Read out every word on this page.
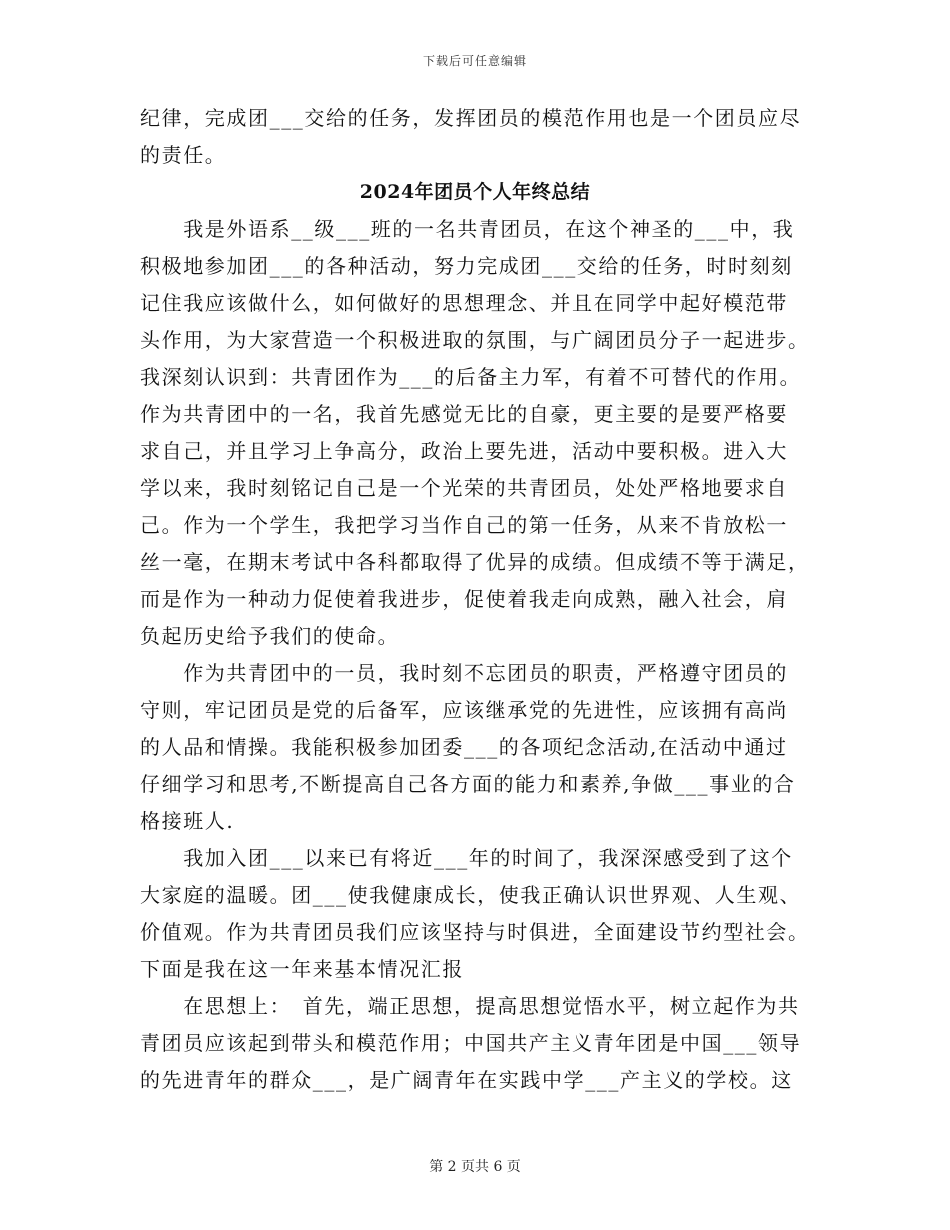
下载后可任意编辑
纪律，完成团___交给的任务，发挥团员的模范作用也是一个团员应尽
的责任。
2024年团员个人年终总结
　　我是外语系__级___班的一名共青团员，在这个神圣的___中，我
积极地参加团___的各种活动，努力完成团___交给的任务，时时刻刻
记住我应该做什么，如何做好的思想理念、并且在同学中起好模范带
头作用，为大家营造一个积极进取的氛围，与广阔团员分子一起进步。
我深刻认识到：共青团作为___的后备主力军，有着不可替代的作用。
作为共青团中的一名，我首先感觉无比的自豪，更主要的是要严格要
求自己，并且学习上争高分，政治上要先进，活动中要积极。进入大
学以来，我时刻铭记自己是一个光荣的共青团员，处处严格地要求自
己。作为一个学生，我把学习当作自己的第一任务，从来不肯放松一
丝一毫，在期末考试中各科都取得了优异的成绩。但成绩不等于满足，
而是作为一种动力促使着我进步，促使着我走向成熟，融入社会，肩
负起历史给予我们的使命。
　　作为共青团中的一员，我时刻不忘团员的职责，严格遵守团员的
守则，牢记团员是党的后备军，应该继承党的先进性，应该拥有高尚
的人品和情操。我能积极参加团委___的各项纪念活动,在活动中通过
仔细学习和思考,不断提高自己各方面的能力和素养,争做___事业的合
格接班人.
　　我加入团___以来已有将近___年的时间了，我深深感受到了这个
大家庭的温暖。团___使我健康成长，使我正确认识世界观、人生观、
价值观。作为共青团员我们应该坚持与时俱进，全面建设节约型社会。
下面是我在这一年来基本情况汇报
　　在思想上：　首先，端正思想，提高思想觉悟水平，树立起作为共
青团员应该起到带头和模范作用；中国共产主义青年团是中国___领导
的先进青年的群众___，是广阔青年在实践中学___产主义的学校。这
第 2 页共 6 页
